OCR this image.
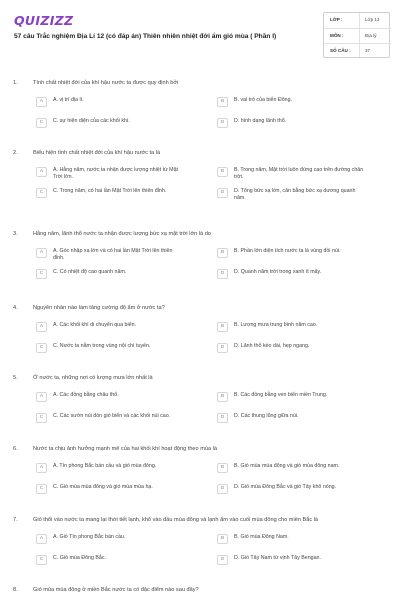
QUIZIZZ
57 câu Trắc nghiệm Địa Lí 12 (có đáp án) Thiên nhiên nhiệt đới ẩm gió mùa ( Phần I)
LỚP :	Lớp 12
MÔN :	Địa lý
SỐ CÂU :	37
1.	Tính chất nhiệt đới của khí hậu nước ta được quy định bởi
A	A. vị trí địa lí.	B	B. vai trò của biển Đông.
C	C. sự hiện diện của các khối khí.	D	D. hình dạng lãnh thổ.
2.	Biểu hiện tính chất nhiệt đới của khí hậu nước ta là
A	A. Hằng năm, nước ta nhận được lượng nhiệt từ Mặt Trời lớn.
B	B. Trong năm, Mặt trời luôn đứng cao trên đường chân trời.
C	C. Trong năm, có hai lần Mặt Trời lên thiên đỉnh.	D	D. Tổng bức xạ lớn, cân bằng bức xạ dương quanh năm.
3.	Hằng năm, lãnh thổ nước ta nhận được lượng bức xạ mặt trời lớn là do
A	A. Góc nhập xạ lớn và có hai lần Mặt Trời lên thiên đỉnh.
B	B. Phần lớn diện tích nước ta là vùng đồi núi.
C	C. Có nhiệt độ cao quanh năm.	D	D. Quanh năm trời trong xanh ít mây.
4.	Nguyên nhân nào làm tăng cường độ ẩm ở nước ta?
A	A. Các khối khí di chuyển qua biển.	B	B. Lượng mưa trung bình năm cao.
C	C. Nước ta nằm trong vùng nội chí tuyến.	D	D. Lãnh thổ kéo dài, hẹp ngang.
5.	Ở nước ta, những nơi có lượng mưa lớn nhất là
A	A. Các đồng bằng châu thổ.	B	B. Các đồng bằng ven biển miền Trung.
C	C. Các sườn núi đón gió biển và các khối núi cao.	D	D. Các thung lũng giữa núi.
6.	Nước ta chịu ảnh hưởng mạnh mẽ của hai khối khí hoạt động theo mùa là
A	A. Tín phong Bắc bán cầu và gió mùa đông.	B	B. Gió mùa mùa đông và gió mùa đông nam.
C	C. Gió mùa mùa đông và gió mùa mùa hạ.	D	D. Gió mùa Đông Bắc và gió Tây khô nóng.
7.	Gió thổi vào nước ta mang lại thời tiết lạnh, khô vào đầu mùa đông và lạnh ẩm vào cuối mùa đông cho miền Bắc là
A	A. Gió Tín phong Bắc bán cầu.	B	B. Gió mùa Đông Nam.
C	C. Gió mùa Đông Bắc.	D	D. Gió Tây Nam từ vịnh Tây Bengan.
8.	Gió mùa mùa đông ở miền Bắc nước ta có đặc điểm nào sau đây?
